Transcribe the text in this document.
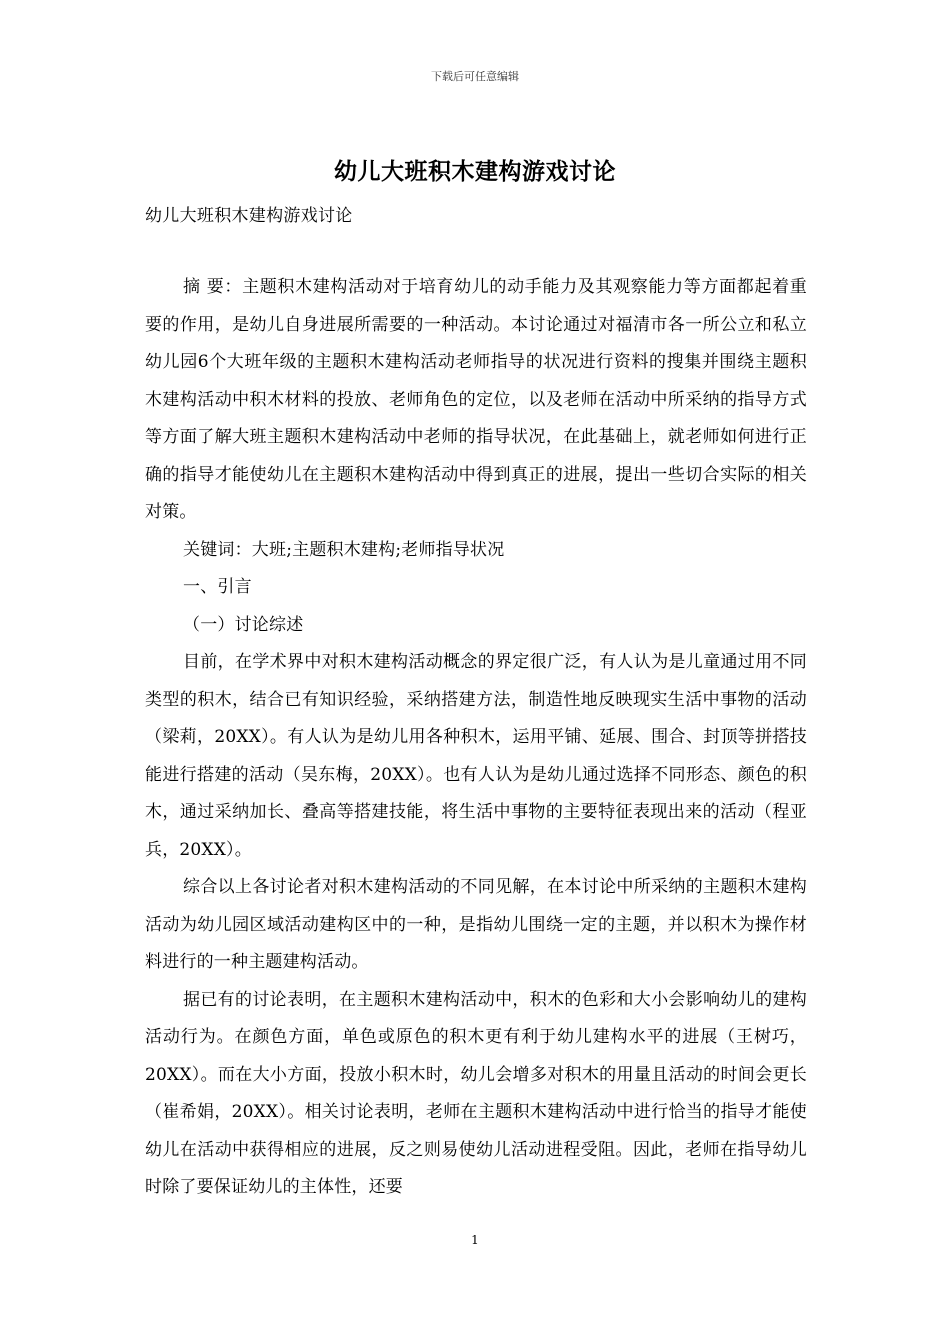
下载后可任意编辑
幼儿大班积木建构游戏讨论
幼儿大班积木建构游戏讨论

摘 要：主题积木建构活动对于培育幼儿的动手能力及其观察能力等方面都起着重要的作用，是幼儿自身进展所需要的一种活动。本讨论通过对福清市各一所公立和私立幼儿园6个大班年级的主题积木建构活动老师指导的状况进行资料的搜集并围绕主题积木建构活动中积木材料的投放、老师角色的定位，以及老师在活动中所采纳的指导方式等方面了解大班主题积木建构活动中老师的指导状况，在此基础上，就老师如何进行正确的指导才能使幼儿在主题积木建构活动中得到真正的进展，提出一些切合实际的相关对策。

关键词：大班;主题积木建构;老师指导状况

一、引言

（一）讨论综述

目前，在学术界中对积木建构活动概念的界定很广泛，有人认为是儿童通过用不同类型的积木，结合已有知识经验，采纳搭建方法，制造性地反映现实生活中事物的活动（梁莉，20XX）。有人认为是幼儿用各种积木，运用平铺、延展、围合、封顶等拼搭技能进行搭建的活动（吴东梅，20XX）。也有人认为是幼儿通过选择不同形态、颜色的积木，通过采纳加长、叠高等搭建技能，将生活中事物的主要特征表现出来的活动（程亚兵，20XX）。

综合以上各讨论者对积木建构活动的不同见解，在本讨论中所采纳的主题积木建构活动为幼儿园区域活动建构区中的一种，是指幼儿围绕一定的主题，并以积木为操作材料进行的一种主题建构活动。

据已有的讨论表明，在主题积木建构活动中，积木的色彩和大小会影响幼儿的建构活动行为。在颜色方面，单色或原色的积木更有利于幼儿建构水平的进展（王树巧，20XX）。而在大小方面，投放小积木时，幼儿会增多对积木的用量且活动的时间会更长（崔希娟，20XX）。相关讨论表明，老师在主题积木建构活动中进行恰当的指导才能使幼儿在活动中获得相应的进展，反之则易使幼儿活动进程受阻。因此，老师在指导幼儿时除了要保证幼儿的主体性，还要

1
